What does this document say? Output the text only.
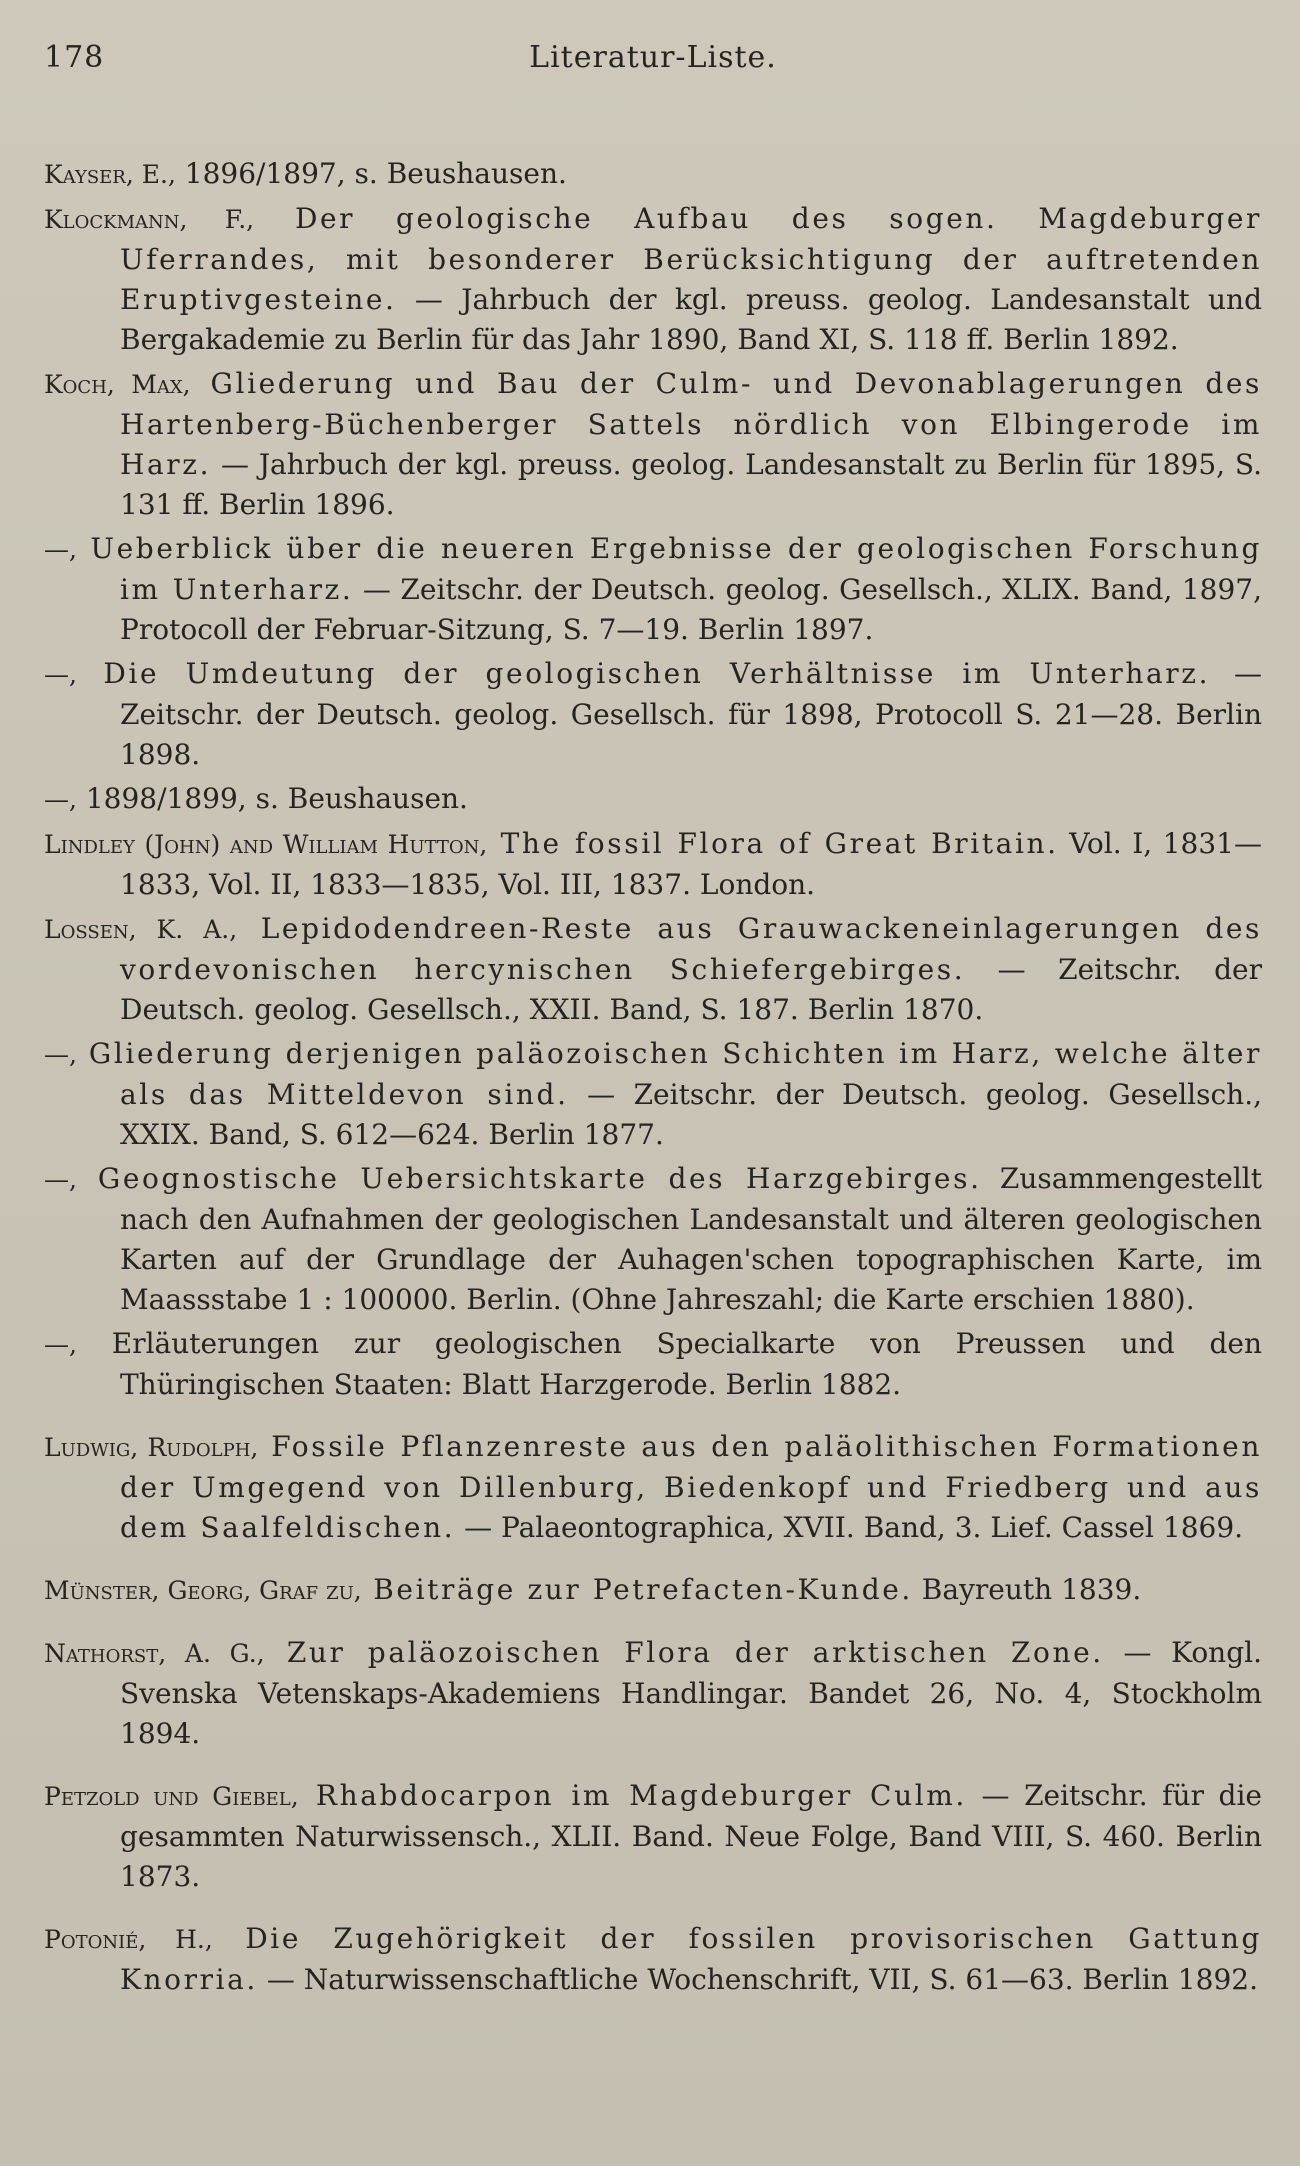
178	Literatur-Liste.
Kayser, E., 1896/1897, s. Beushausen.
Klockmann, F., Der geologische Aufbau des sogen. Magdeburger Uferrandes, mit besonderer Berücksichtigung der auftretenden Eruptivgesteine. — Jahrbuch der kgl. preuss. geolog. Landesanstalt und Bergakademie zu Berlin für das Jahr 1890, Band XI, S. 118 ff. Berlin 1892.
Koch, Max, Gliederung und Bau der Culm- und Devonablagerungen des Hartenberg-Büchenberger Sattels nördlich von Elbingerode im Harz. — Jahrbuch der kgl. preuss. geolog. Landesanstalt zu Berlin für 1895, S. 131 ff. Berlin 1896.
—, Ueberblick über die neueren Ergebnisse der geologischen Forschung im Unterharz. — Zeitschr. der Deutsch. geolog. Gesellsch., XLIX. Band, 1897, Protocoll der Februar-Sitzung, S. 7—19. Berlin 1897.
—, Die Umdeutung der geologischen Verhältnisse im Unterharz. — Zeitschr. der Deutsch. geolog. Gesellsch. für 1898, Protocoll S. 21—28. Berlin 1898.
—, 1898/1899, s. Beushausen.
Lindley (John) and William Hutton, The fossil Flora of Great Britain. Vol. I, 1831—1833, Vol. II, 1833—1835, Vol. III, 1837. London.
Lossen, K. A., Lepidodendreen-Reste aus Grauwackeneinlagerungen des vordevonischen hercynischen Schiefergebirges. — Zeitschr. der Deutsch. geolog. Gesellsch., XXII. Band, S. 187. Berlin 1870.
—, Gliederung derjenigen paläozoischen Schichten im Harz, welche älter als das Mitteldevon sind. — Zeitschr. der Deutsch. geolog. Gesellsch., XXIX. Band, S. 612—624. Berlin 1877.
—, Geognostische Uebersichtskarte des Harzgebirges. Zusammengestellt nach den Aufnahmen der geologischen Landesanstalt und älteren geologischen Karten auf der Grundlage der Auhagen'schen topographischen Karte, im Maassstabe 1 : 100000. Berlin. (Ohne Jahreszahl; die Karte erschien 1880).
—, Erläuterungen zur geologischen Specialkarte von Preussen und den Thüringischen Staaten: Blatt Harzgerode. Berlin 1882.
Ludwig, Rudolph, Fossile Pflanzenreste aus den paläolithischen Formationen der Umgegend von Dillenburg, Biedenkopf und Friedberg und aus dem Saalfeldischen. — Palaeontographica, XVII. Band, 3. Lief. Cassel 1869.
Münster, Georg, Graf zu, Beiträge zur Petrefacten-Kunde. Bayreuth 1839.
Nathorst, A. G., Zur paläozoischen Flora der arktischen Zone. — Kongl. Svenska Vetenskaps-Akademiens Handlingar. Bandet 26, No. 4, Stockholm 1894.
Petzold und Giebel, Rhabdocarpon im Magdeburger Culm. — Zeitschr. für die gesammten Naturwissensch., XLII. Band. Neue Folge, Band VIII, S. 460. Berlin 1873.
Potonié, H., Die Zugehörigkeit der fossilen provisorischen Gattung Knorria. — Naturwissenschaftliche Wochenschrift, VII, S. 61—63. Berlin 1892.
